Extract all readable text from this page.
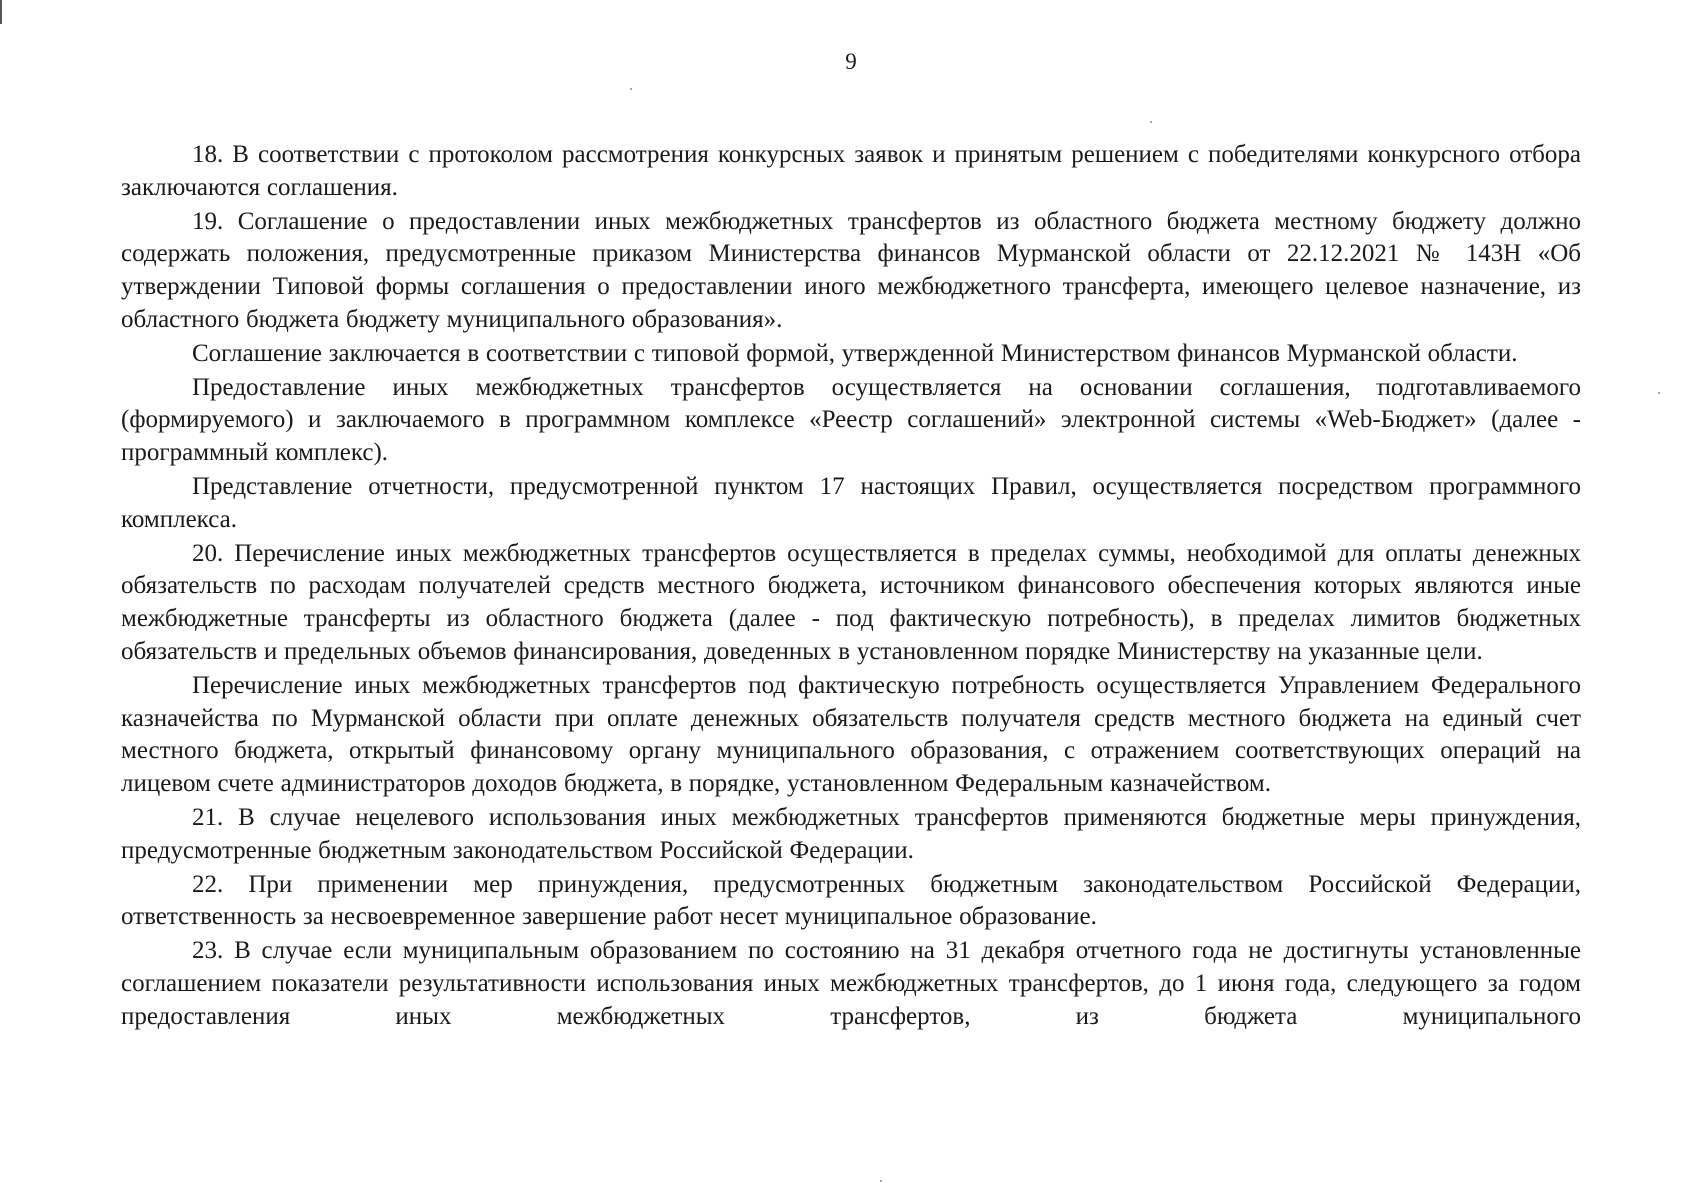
9

18. В соответствии с протоколом рассмотрения конкурсных заявок и принятым решением с победителями конкурсного отбора заключаются соглашения.

19. Соглашение о предоставлении иных межбюджетных трансфертов из областного бюджета местному бюджету должно содержать положения, предусмотренные приказом Министерства финансов Мурманской области от 22.12.2021 № 143Н «Об утверждении Типовой формы соглашения о предоставлении иного межбюджетного трансферта, имеющего целевое назначение, из областного бюджета бюджету муниципального образования».

Соглашение заключается в соответствии с типовой формой, утвержденной Министерством финансов Мурманской области.

Предоставление иных межбюджетных трансфертов осуществляется на основании соглашения, подготавливаемого (формируемого) и заключаемого в программном комплексе «Реестр соглашений» электронной системы «Web-Бюджет» (далее - программный комплекс).

Представление отчетности, предусмотренной пунктом 17 настоящих Правил, осуществляется посредством программного комплекса.

20. Перечисление иных межбюджетных трансфертов осуществляется в пределах суммы, необходимой для оплаты денежных обязательств по расходам получателей средств местного бюджета, источником финансового обеспечения которых являются иные межбюджетные трансферты из областного бюджета (далее - под фактическую потребность), в пределах лимитов бюджетных обязательств и предельных объемов финансирования, доведенных в установленном порядке Министерству на указанные цели.

Перечисление иных межбюджетных трансфертов под фактическую потребность осуществляется Управлением Федерального казначейства по Мурманской области при оплате денежных обязательств получателя средств местного бюджета на единый счет местного бюджета, открытый финансовому органу муниципального образования, с отражением соответствующих операций на лицевом счете администраторов доходов бюджета, в порядке, установленном Федеральным казначейством.

21. В случае нецелевого использования иных межбюджетных трансфертов применяются бюджетные меры принуждения, предусмотренные бюджетным законодательством Российской Федерации.

22. При применении мер принуждения, предусмотренных бюджетным законодательством Российской Федерации, ответственность за несвоевременное завершение работ несет муниципальное образование.

23. В случае если муниципальным образованием по состоянию на 31 декабря отчетного года не достигнуты установленные соглашением показатели результативности использования иных межбюджетных трансфертов, до 1 июня года, следующего за годом предоставления иных межбюджетных трансфертов, из бюджета муниципального
